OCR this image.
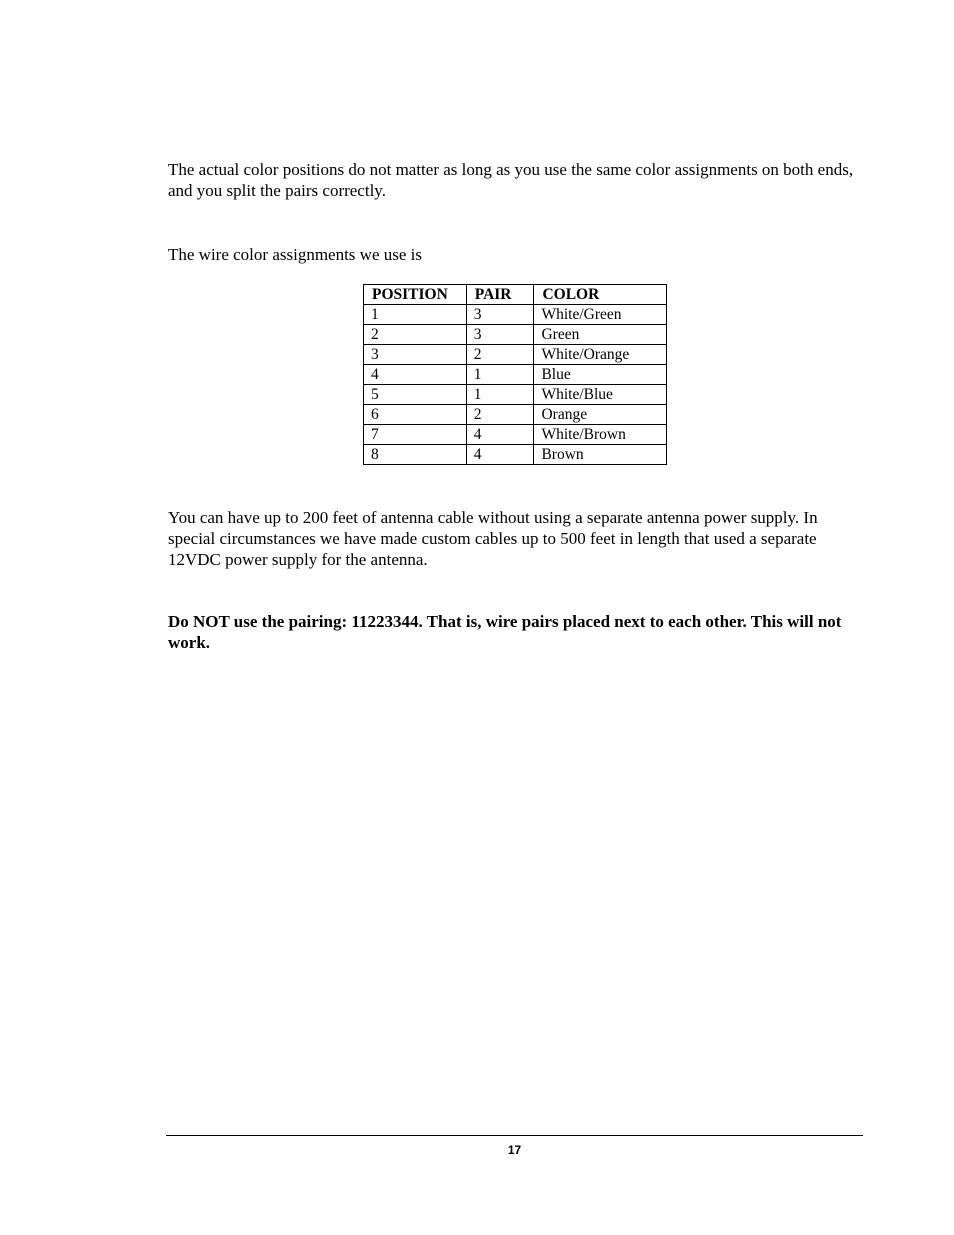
The actual color positions do not matter as long as you use the same color assignments on both ends, and you split the pairs correctly.

The wire color assignments we use is

POSITION	PAIR	COLOR
1	3	White/Green
2	3	Green
3	2	White/Orange
4	1	Blue
5	1	White/Blue
6	2	Orange
7	4	White/Brown
8	4	Brown

You can have up to 200 feet of antenna cable without using a separate antenna power supply. In special circumstances we have made custom cables up to 500 feet in length that used a separate 12VDC power supply for the antenna.

Do NOT use the pairing: 11223344. That is, wire pairs placed next to each other. This will not work.

17
